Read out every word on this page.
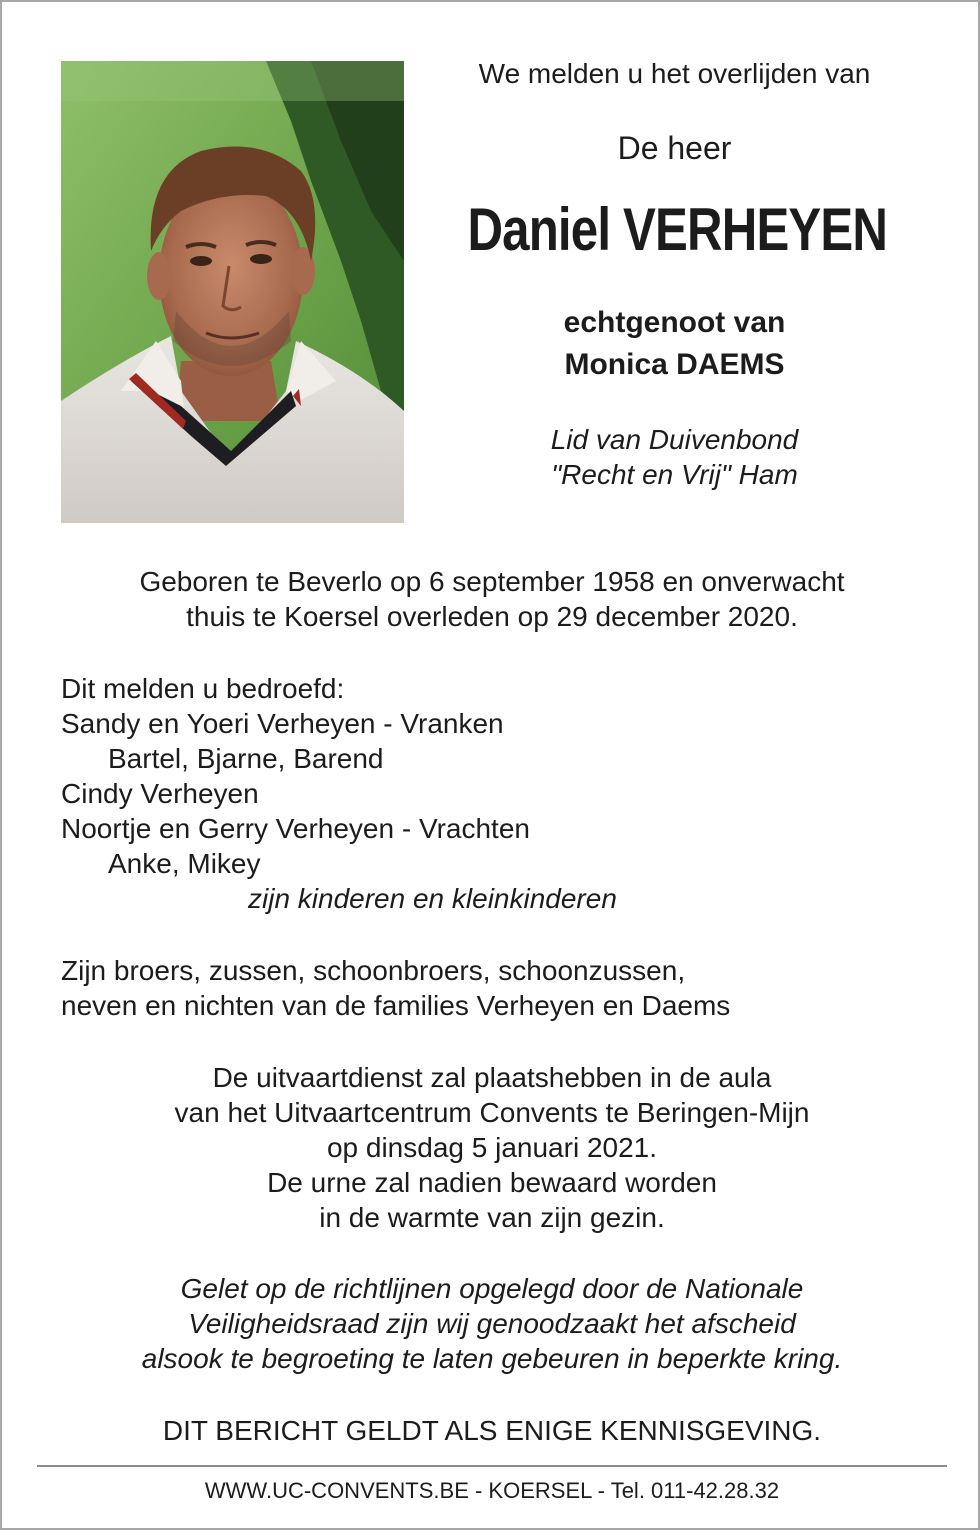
We melden u het overlijden van
De heer
Daniel VERHEYEN
echtgenoot van
Monica DAEMS
Lid van Duivenbond
"Recht en Vrij" Ham
Geboren te Beverlo op 6 september 1958 en onverwacht
thuis te Koersel overleden op 29 december 2020.
Dit melden u bedroefd:
Sandy en Yoeri Verheyen - Vranken
Bartel, Bjarne, Barend
Cindy Verheyen
Noortje en Gerry Verheyen - Vrachten
Anke, Mikey
zijn kinderen en kleinkinderen
Zijn broers, zussen, schoonbroers, schoonzussen,
neven en nichten van de families Verheyen en Daems
De uitvaartdienst zal plaatshebben in de aula
van het Uitvaartcentrum Convents te Beringen-Mijn
op dinsdag 5 januari 2021.
De urne zal nadien bewaard worden
in de warmte van zijn gezin.
Gelet op de richtlijnen opgelegd door de Nationale
Veiligheidsraad zijn wij genoodzaakt het afscheid
alsook te begroeting te laten gebeuren in beperkte kring.
DIT BERICHT GELDT ALS ENIGE KENNISGEVING.
WWW.UC-CONVENTS.BE - KOERSEL - Tel. 011-42.28.32
